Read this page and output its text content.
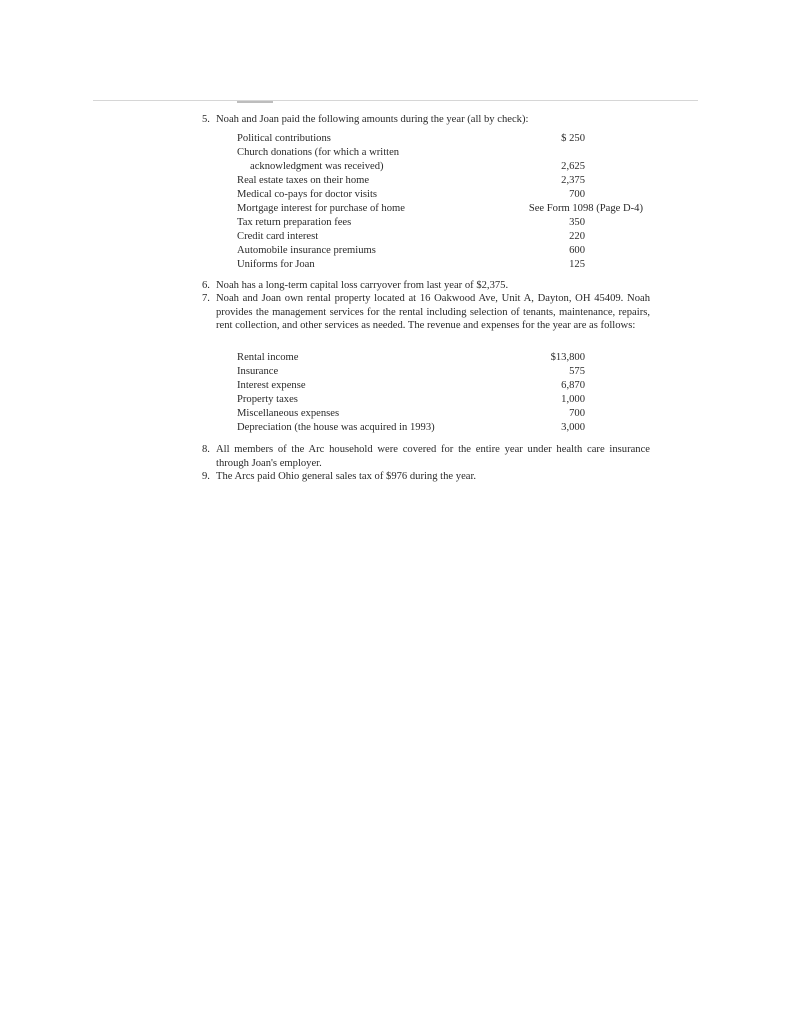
5. Noah and Joan paid the following amounts during the year (all by check):
Political contributions	$ 250
Church donations (for which a written
acknowledgment was received)	2,625
Real estate taxes on their home	2,375
Medical co-pays for doctor visits	700
Mortgage interest for purchase of home	See Form 1098 (Page D-4)
Tax return preparation fees	350
Credit card interest	220
Automobile insurance premiums	600
Uniforms for Joan	125
6. Noah has a long-term capital loss carryover from last year of $2,375.
7. Noah and Joan own rental property located at 16 Oakwood Ave, Unit A, Dayton, OH 45409. Noah provides the management services for the rental including selection of tenants, maintenance, repairs, rent collection, and other services as needed. The revenue and expenses for the year are as follows:
Rental income	$13,800
Insurance	575
Interest expense	6,870
Property taxes	1,000
Miscellaneous expenses	700
Depreciation (the house was acquired in 1993)	3,000
8. All members of the Arc household were covered for the entire year under health care insurance through Joan's employer.
9. The Arcs paid Ohio general sales tax of $976 during the year.
